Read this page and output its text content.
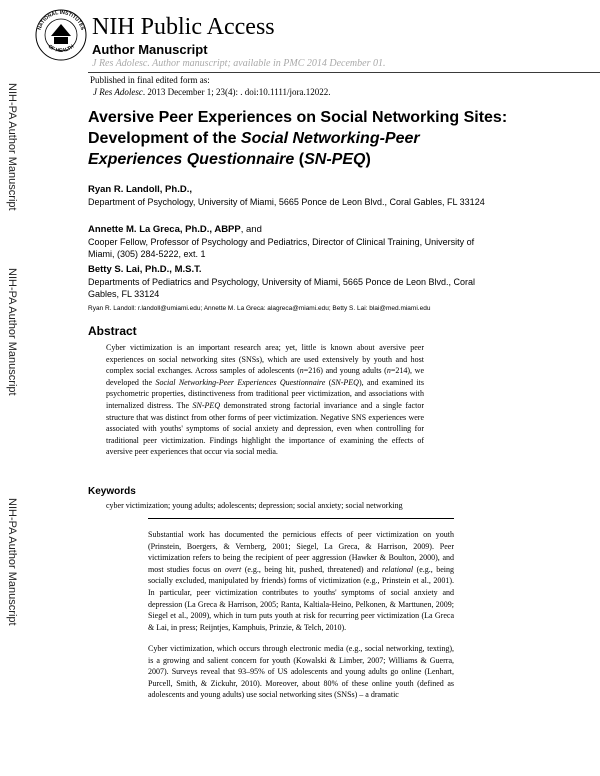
NATIONAL INSTITUTES
OF HEALTH
NIH Public Access
Author Manuscript
J Res Adolesc. Author manuscript; available in PMC 2014 December 01.
Published in final edited form as:
J Res Adolesc. 2013 December 1; 23(4): . doi:10.1111/jora.12022.
NIH-PA Author Manuscript
NIH-PA Author Manuscript
NIH-PA Author Manuscript
Aversive Peer Experiences on Social Networking Sites: Development of the Social Networking-Peer Experiences Questionnaire (SN-PEQ)
Ryan R. Landoll, Ph.D.,
Department of Psychology, University of Miami, 5665 Ponce de Leon Blvd., Coral Gables, FL 33124
Annette M. La Greca, Ph.D., ABPP, and
Cooper Fellow, Professor of Psychology and Pediatrics, Director of Clinical Training, University of Miami, (305) 284-5222, ext. 1
Betty S. Lai, Ph.D., M.S.T.
Departments of Pediatrics and Psychology, University of Miami, 5665 Ponce de Leon Blvd., Coral Gables, FL 33124
Ryan R. Landoll: r.landoll@umiami.edu; Annette M. La Greca: alagreca@miami.edu; Betty S. Lai: blai@med.miami.edu
Abstract
Cyber victimization is an important research area; yet, little is known about aversive peer experiences on social networking sites (SNSs), which are used extensively by youth and host complex social exchanges. Across samples of adolescents (n=216) and young adults (n=214), we developed the Social Networking-Peer Experiences Questionnaire (SN-PEQ), and examined its psychometric properties, distinctiveness from traditional peer victimization, and associations with internalized distress. The SN-PEQ demonstrated strong factorial invariance and a single factor structure that was distinct from other forms of peer victimization. Negative SNS experiences were associated with youths' symptoms of social anxiety and depression, even when controlling for traditional peer victimization. Findings highlight the importance of examining the effects of aversive peer experiences that occur via social media.
Keywords
cyber victimization; young adults; adolescents; depression; social anxiety; social networking
Substantial work has documented the pernicious effects of peer victimization on youth (Prinstein, Boergers, & Vernberg, 2001; Siegel, La Greca, & Harrison, 2009). Peer victimization refers to being the recipient of peer aggression (Hawker & Boulton, 2000), and most studies focus on overt (e.g., being hit, pushed, threatened) and relational (e.g., being socially excluded, manipulated by friends) forms of victimization (e.g., Prinstein et al., 2001). In particular, peer victimization contributes to youths' symptoms of social anxiety and depression (La Greca & Harrison, 2005; Ranta, Kaltiala-Heino, Pelkonen, & Marttunen, 2009; Siegel et al., 2009), which in turn puts youth at risk for recurring peer victimization (La Greca & Lai, in press; Reijntjes, Kamphuis, Prinzie, & Telch, 2010).
Cyber victimization, which occurs through electronic media (e.g., social networking, texting), is a growing and salient concern for youth (Kowalski & Limber, 2007; Williams & Guerra, 2007). Surveys reveal that 93–95% of US adolescents and young adults go online (Lenhart, Purcell, Smith, & Zickuhr, 2010). Moreover, about 80% of these online youth (defined as adolescents and young adults) use social networking sites (SNSs) – a dramatic
